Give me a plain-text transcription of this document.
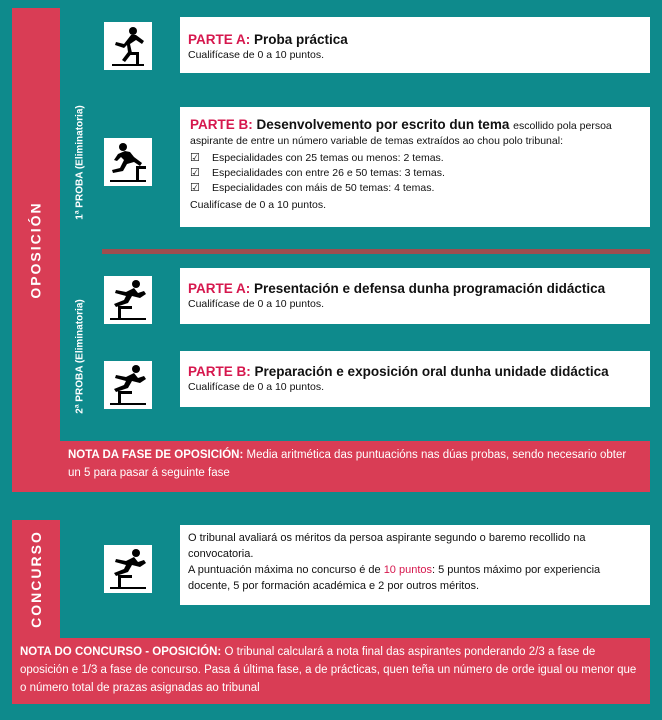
OPOSICIÓN
1ª PROBA (Eliminatoria)
2ª PROBA (Eliminatoria)
PARTE A: Proba práctica
Cualifícase de 0 a 10 puntos.
PARTE B: Desenvolvemento por escrito dun tema escollido pola persoa aspirante de entre un número variable de temas extraídos ao chou polo tribunal:
☑ Especialidades con 25 temas ou menos: 2 temas.
☑ Especialidades con entre 26 e 50 temas: 3 temas.
☑ Especialidades con máis de 50 temas: 4 temas.
Cualifícase de 0 a 10 puntos.
PARTE A: Presentación e defensa dunha programación didáctica
Cualifícase de 0 a 10 puntos.
PARTE B: Preparación e exposición oral dunha unidade didáctica
Cualifícase de 0 a 10 puntos.
NOTA DA FASE DE OPOSICIÓN: Media aritmética das puntuacións nas dúas probas, sendo necesario obter un 5 para pasar á seguinte fase
CONCURSO	O tribunal avaliará os méritos da persoa aspirante segundo o baremo recollido na convocatoria.
A puntuación máxima no concurso é de 10 puntos: 5 puntos máximo por experiencia docente, 5 por formación académica e 2 por outros méritos.
NOTA DO CONCURSO - OPOSICIÓN: O tribunal calculará a nota final das aspirantes ponderando 2/3 a fase de oposición e 1/3 a fase de concurso. Pasa á última fase, a de prácticas, quen teña un número de orde igual ou menor que o número total de prazas asignadas ao tribunal
